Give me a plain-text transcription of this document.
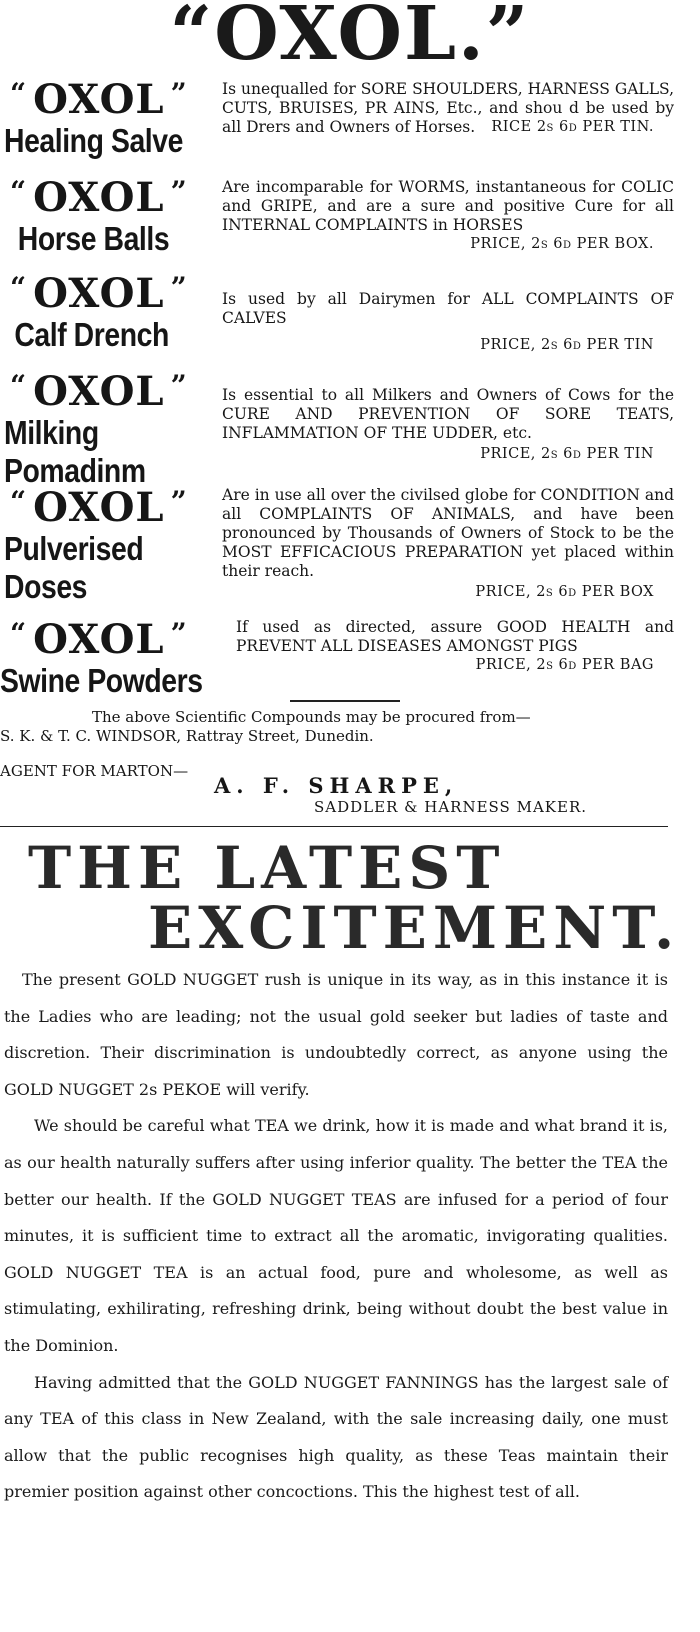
“OXOL.”
“ OXOL ”
Healing Salve
Is unequalled for SORE SHOULDERS, HARNESS GALLS, CUTS, BRUISES, PR AINS, Etc., and shou d be used by all Drers and Owners of Horses. RICE 2s 6d PER TIN.
“ OXOL ”
Horse Balls
Are incomparable for WORMS, instantaneous for COLIC and GRIPE, and are a sure and positive Cure for all INTERNAL COMPLAINTS in HORSES
PRICE, 2s 6d PER BOX.
“ OXOL ”
Calf Drench
Is used by all Dairymen for ALL COMPLAINTS OF CALVES
PRICE, 2s 6d PER TIN
“ OXOL ”
Milking
Pomadinm
Is essential to all Milkers and Owners of Cows for the CURE AND PREVENTION OF SORE TEATS, INFLAMMATION OF THE UDDER, etc.
PRICE, 2s 6d PER TIN
“ OXOL ”
Pulverised
Doses
Are in use all over the civilsed globe for CONDITION and all COMPLAINTS OF ANIMALS, and have been pronounced by Thousands of Owners of Stock to be the MOST EFFICACIOUS PREPARATION yet placed within their reach.
PRICE, 2s 6d PER BOX
“ OXOL ”
Swine Powders
If used as directed, assure GOOD HEALTH and PREVENT ALL DISEASES AMONGST PIGS
PRICE, 2s 6d PER BAG
The above Scientific Compounds may be procured from—
S. K. & T. C. WINDSOR, Rattray Street, Dunedin.
AGENT FOR MARTON—
A. F. SHARPE,
SADDLER & HARNESS MAKER.
THE LATEST
EXCITEMENT.

The present GOLD NUGGET rush is unique in its way, as in this instance it is the Ladies who are leading; not the usual gold seeker but ladies of taste and discretion. Their discrimination is undoubtedly correct, as anyone using the GOLD NUGGET 2s PEKOE will verify.

We should be careful what TEA we drink, how it is made and what brand it is, as our health naturally suffers after using inferior quality. The better the TEA the better our health. If the GOLD NUGGET TEAS are infused for a period of four minutes, it is sufficient time to extract all the aromatic, invigorating qualities. GOLD NUGGET TEA is an actual food, pure and wholesome, as well as stimulating, exhilirating, refreshing drink, being without doubt the best value in the Dominion.

Having admitted that the GOLD NUGGET FANNINGS has the largest sale of any TEA of this class in New Zealand, with the sale increasing daily, one must allow that the public recognises high quality, as these Teas maintain their premier position against other concoctions. This the highest test of all.
